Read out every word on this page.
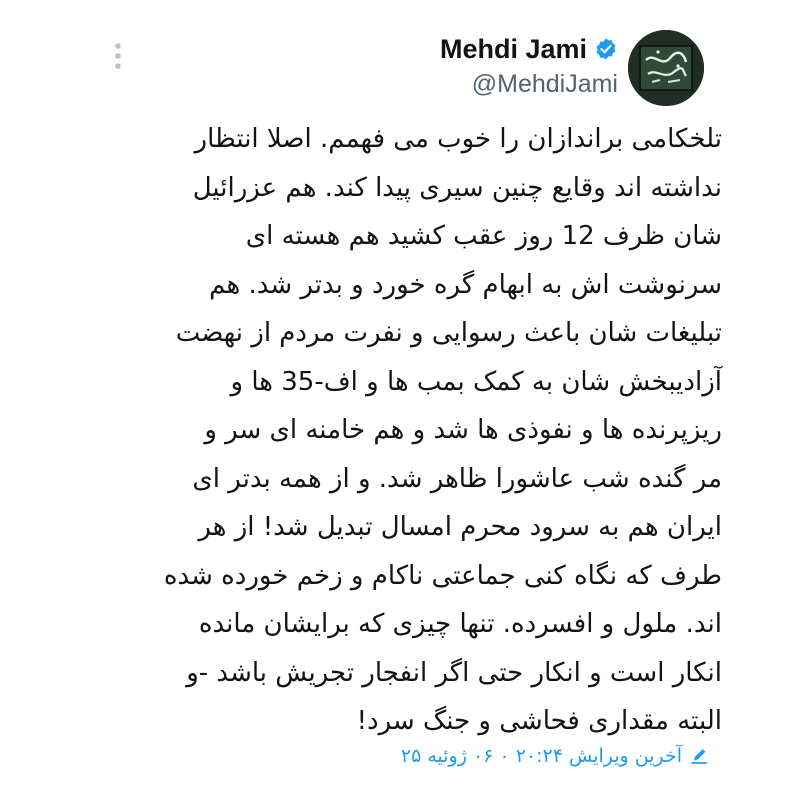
Mehdi Jami
@MehdiJami
تلخکامی براندازان را خوب می فهمم. اصلا انتظار
نداشته اند وقایع چنین سیری پیدا کند. هم عزرائیل
شان ظرف 12 روز عقب کشید هم هسته ای
سرنوشت اش به ابهام گره خورد و بدتر شد. هم
تبلیغات شان باعث رسوایی و نفرت مردم از نهضت
آزادیبخش شان به کمک بمب ها و اف-35 ها و
ریزپرنده ها و نفوذی ها شد و هم خامنه ای سر و
مر گنده شب عاشورا ظاهر شد. و از همه بدتر ای
ایران هم به سرود محرم امسال تبدیل شد! از هر
طرف که نگاه کنی جماعتی ناکام و زخم خورده شده
اند. ملول و افسرده. تنها چیزی که برایشان مانده
انکار است و انکار حتی اگر انفجار تجریش باشد -و
البته مقداری فحاشی و جنگ سرد!
آخرین ویرایش ۲۰:۲۴ ۰ ۰۶ ژوئیه ۲۵
